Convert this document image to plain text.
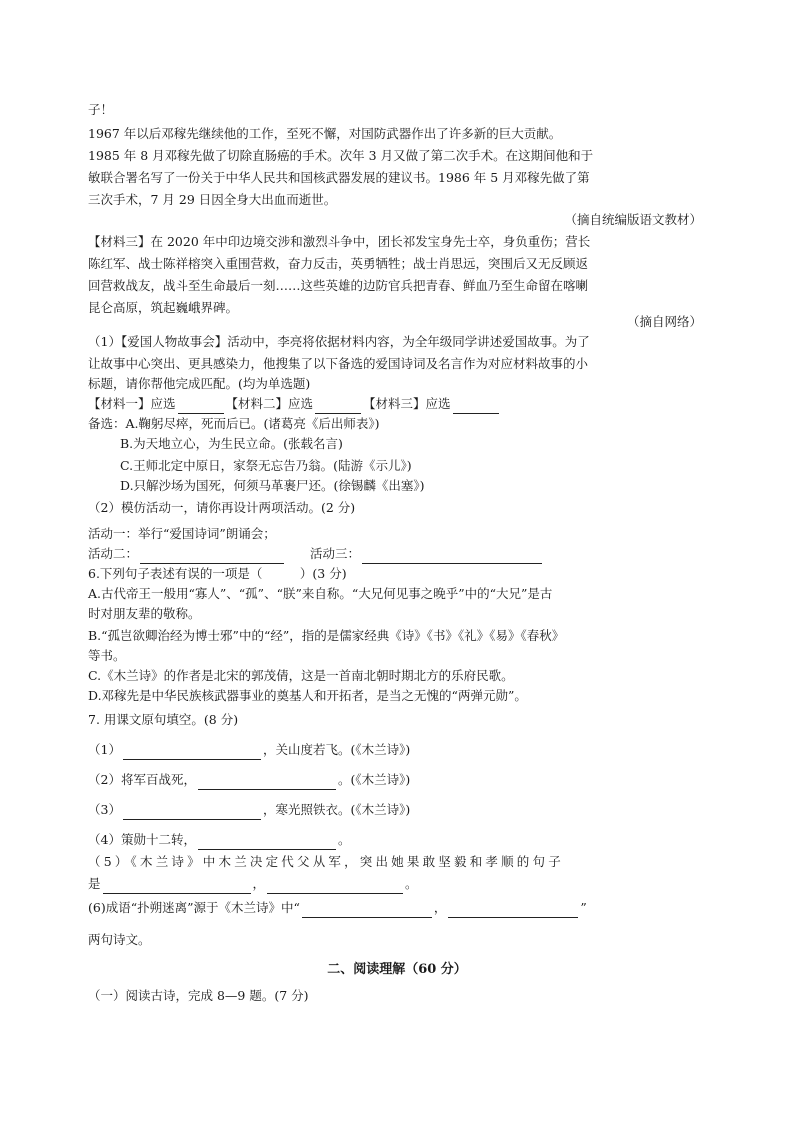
子！
1967 年以后邓稼先继续他的工作，至死不懈，对国防武器作出了许多新的巨大贡献。
1985 年 8 月邓稼先做了切除直肠癌的手术。次年 3 月又做了第二次手术。在这期间他和于
敏联合署名写了一份关于中华人民共和国核武器发展的建议书。1986 年 5 月邓稼先做了第
三次手术，7 月 29 日因全身大出血而逝世。
（摘自统编版语文教材）
【材料三】在 2020 年中印边境交涉和激烈斗争中，团长祁发宝身先士卒，身负重伤；营长
陈红军、战士陈祥榕突入重围营救，奋力反击，英勇牺牲；战士肖思远，突围后又无反顾返
回营救战友，战斗至生命最后一刻……这些英雄的边防官兵把青春、鲜血乃至生命留在喀喇
昆仑高原，筑起巍峨界碑。
（摘自网络）
（1）【爱国人物故事会】活动中，李亮将依据材料内容，为全年级同学讲述爱国故事。为了
让故事中心突出、更具感染力，他搜集了以下备选的爱国诗词及名言作为对应材料故事的小
标题，请你帮他完成匹配。(均为单选题)
【材料一】应选	【材料二】应选	【材料三】应选
备选：A.鞠躬尽瘁，死而后已。(诸葛亮《后出师表》)
B.为天地立心，为生民立命。(张载名言)
C.王师北定中原日，家祭无忘告乃翁。(陆游《示儿》)
D.只解沙场为国死，何须马革裹尸还。(徐锡麟《出塞》)
（2）模仿活动一，请你再设计两项活动。(2 分)
活动一：举行“爱国诗词”朗诵会；
活动二：	活动三：
6.下列句子表述有误的一项是（　　　）(3 分)
A.古代帝王一般用“寡人”、“孤”、“朕”来自称。“大兄何见事之晚乎”中的“大兄”是古
时对朋友辈的敬称。
B.“孤岂欲卿治经为博士邪”中的“经”，指的是儒家经典《诗》《书》《礼》《易》《春秋》
等书。
C.《木兰诗》的作者是北宋的郭茂倩，这是一首南北朝时期北方的乐府民歌。
D.邓稼先是中华民族核武器事业的奠基人和开拓者，是当之无愧的“两弹元勋”。
7. 用课文原句填空。(8 分)
（1）	，关山度若飞。(《木兰诗》)
（2）将军百战死，	。(《木兰诗》)
（3）	，寒光照铁衣。(《木兰诗》)
（4）策勋十二转，	。
（5）《木兰诗》中木兰决定代父从军，突出她果敢坚毅和孝顺的句子
是	，	。
(6)成语“扑朔迷离”源于《木兰诗》中“	，	”
两句诗文。
二、阅读理解（60 分）
（一）阅读古诗，完成 8—9 题。(7 分)
